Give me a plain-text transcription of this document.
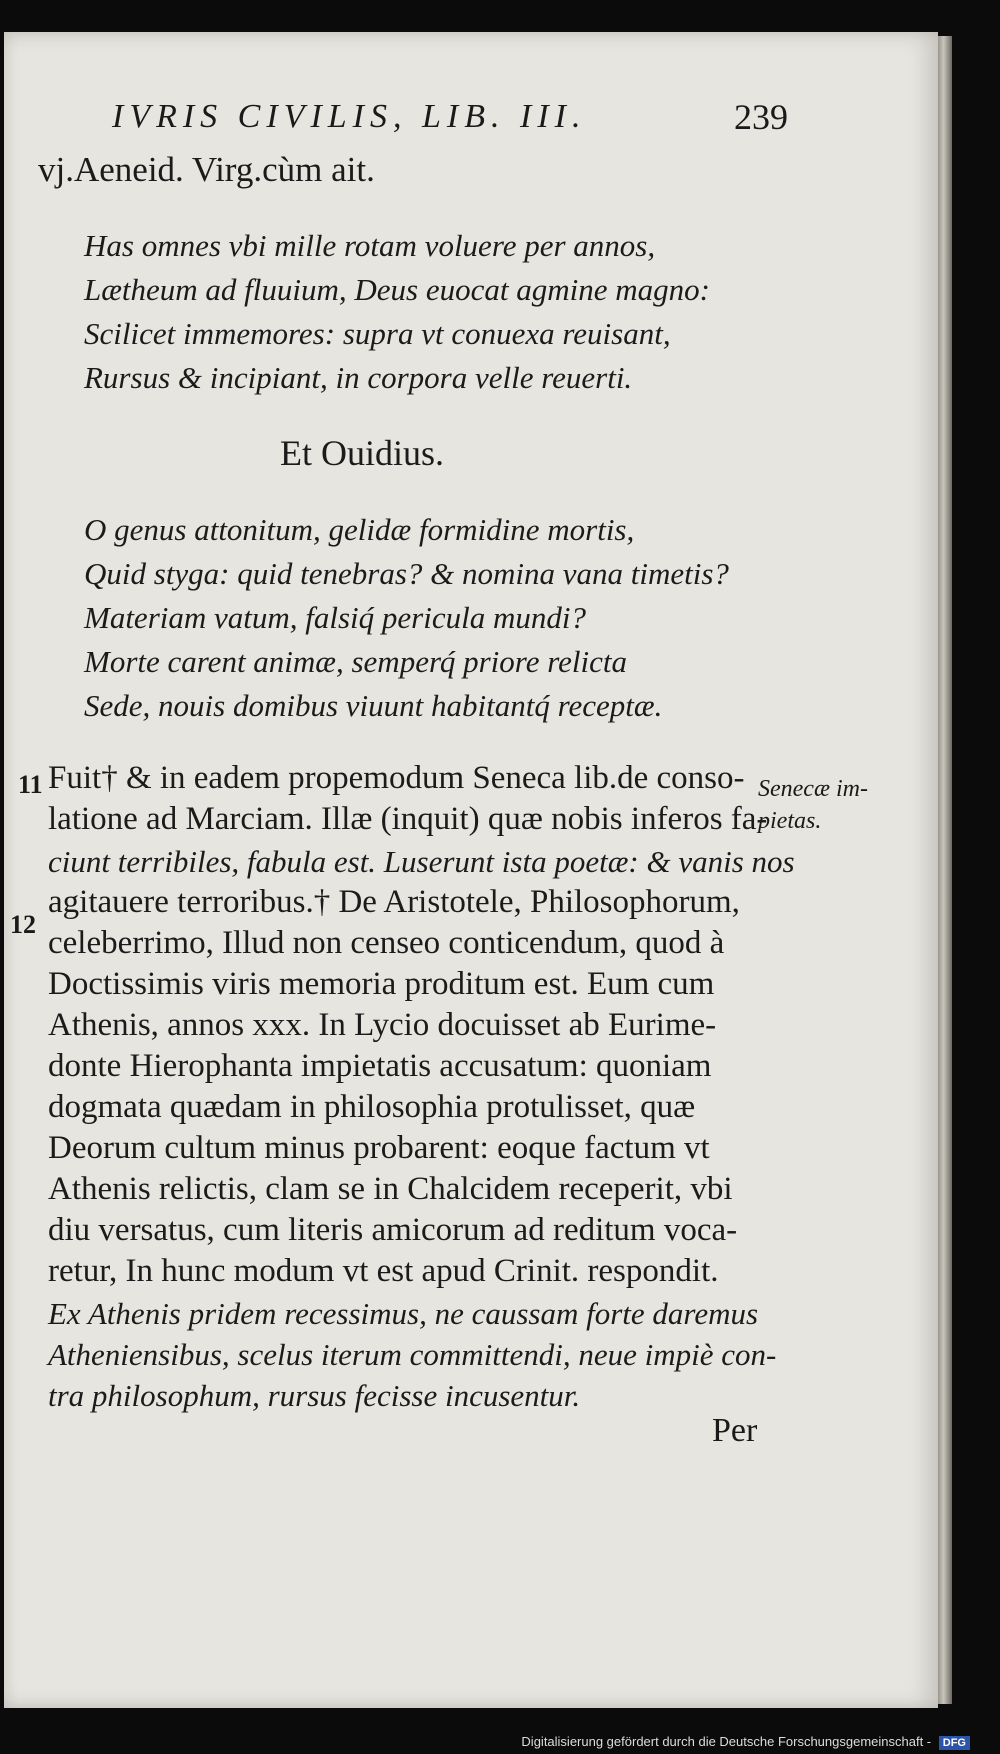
IVRIS CIVILIS, LIB. III.	239
vj.Aeneid. Virg.cùm ait.
Has omnes vbi mille rotam voluere per annos,
Lætheum ad fluuium, Deus euocat agmine magno:
Scilicet immemores: supra vt conuexa reuisant,
Rursus & incipiant, in corpora velle reuerti.
Et Ouidius.
O genus attonitum, gelidæ formidine mortis,
Quid styga: quid tenebras? & nomina vana timetis?
Materiam vatum, falsiq́ pericula mundi?
Morte carent animæ, semperq́ priore relicta
Sede, nouis domibus viuunt habitantq́ receptæ.
11
12
Senecæ im-
pietas.
Fuit† & in eadem propemodum Seneca lib.de conso-
latione ad Marciam. Illæ (inquit) quæ nobis inferos fa-
ciunt terribiles, fabula est. Luserunt ista poetæ: & vanis nos
agitauere terroribus.† De Aristotele, Philosophorum,
celeberrimo, Illud non censeo conticendum, quod à
Doctissimis viris memoria proditum est. Eum cum
Athenis, annos xxx. In Lycio docuisset ab Eurime-
donte Hierophanta impietatis accusatum: quoniam
dogmata quædam in philosophia protulisset, quæ
Deorum cultum minus probarent: eoque factum vt
Athenis relictis, clam se in Chalcidem receperit, vbi
diu versatus, cum literis amicorum ad reditum voca-
retur, In hunc modum vt est apud Crinit. respondit.
Ex Athenis pridem recessimus, ne caussam forte daremus
Atheniensibus, scelus iterum committendi, neue impiè con-
tra philosophum, rursus fecisse incusentur.
Per
Digitalisierung gefördert durch die Deutsche Forschungsgemeinschaft - DFG
